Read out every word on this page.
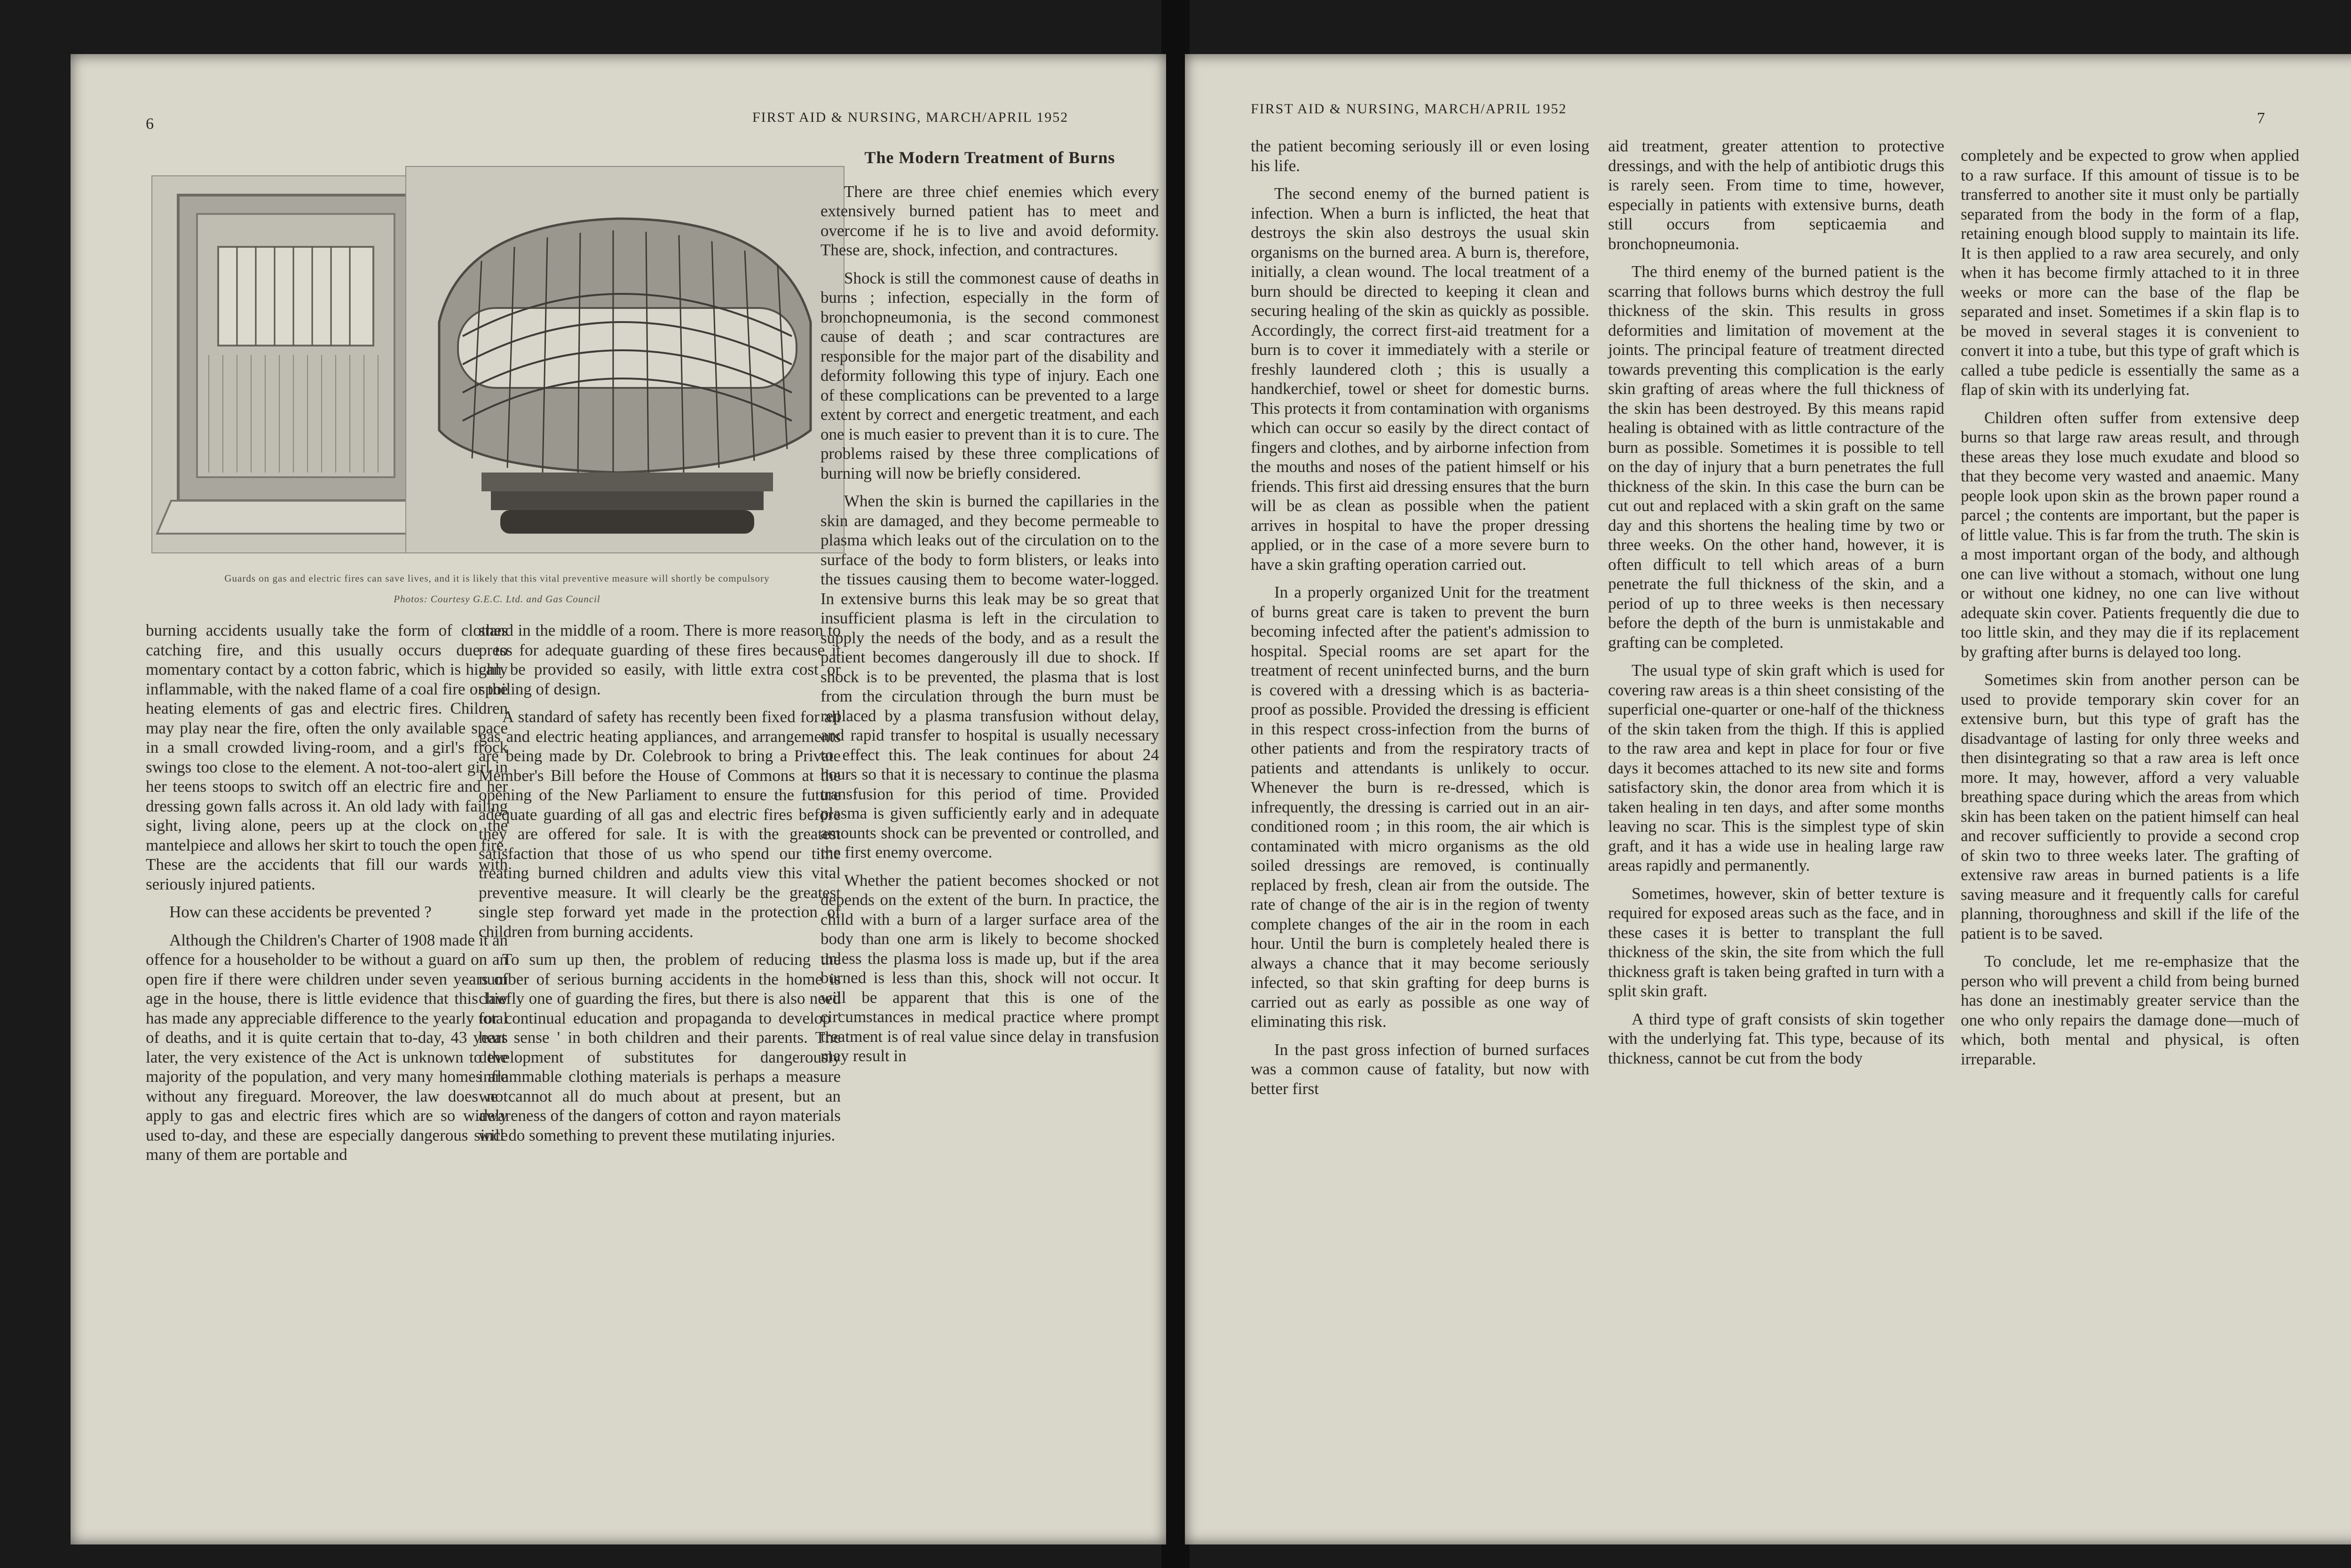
6	FIRST AID & NURSING, MARCH/APRIL 1952
Guards on gas and electric fires can save lives, and it is likely that this vital preventive measure will shortly be compulsory
Photos: Courtesy G.E.C. Ltd. and Gas Council

burning accidents usually take the form of clothes catching fire, and this usually occurs due to momentary contact by a cotton fabric, which is highly inflammable, with the naked flame of a coal fire or the heating elements of gas and electric fires. Children may play near the fire, often the only available space in a small crowded living-room, and a girl's frock swings too close to the element. A not-too-alert girl in her teens stoops to switch off an electric fire and her dressing gown falls across it. An old lady with failing sight, living alone, peers up at the clock on the mantelpiece and allows her skirt to touch the open fire. These are the accidents that fill our wards with seriously injured patients.

How can these accidents be prevented ?

Although the Children's Charter of 1908 made it an offence for a householder to be without a guard on an open fire if there were children under seven years of age in the house, there is little evidence that this law has made any appreciable difference to the yearly total of deaths, and it is quite certain that to-day, 43 years later, the very existence of the Act is unknown to the majority of the population, and very many homes are without any fireguard. Moreover, the law does not apply to gas and electric fires which are so widely used to-day, and these are especially dangerous since many of them are portable and

stand in the middle of a room. There is more reason to press for adequate guarding of these fires because it can be provided so easily, with little extra cost or spoiling of design.

A standard of safety has recently been fixed for all gas and electric heating appliances, and arrangements are being made by Dr. Colebrook to bring a Private Member's Bill before the House of Commons at the opening of the New Parliament to ensure the future adequate guarding of all gas and electric fires before they are offered for sale. It is with the greatest satisfaction that those of us who spend our time treating burned children and adults view this vital preventive measure. It will clearly be the greatest single step forward yet made in the protection of children from burning accidents.

To sum up then, the problem of reducing the number of serious burning accidents in the home is chiefly one of guarding the fires, but there is also need for continual education and propaganda to develop ' heat sense ' in both children and their parents. The development of substitutes for dangerously inflammable clothing materials is perhaps a measure we cannot all do much about at present, but an awareness of the dangers of cotton and rayon materials will do something to prevent these mutilating injuries.

The Modern Treatment of Burns

There are three chief enemies which every extensively burned patient has to meet and overcome if he is to live and avoid deformity. These are, shock, infection, and contractures.

Shock is still the commonest cause of deaths in burns ; infection, especially in the form of bronchopneumonia, is the second commonest cause of death ; and scar contractures are responsible for the major part of the disability and deformity following this type of injury. Each one of these complications can be prevented to a large extent by correct and energetic treatment, and each one is much easier to prevent than it is to cure. The problems raised by these three complications of burning will now be briefly considered.

When the skin is burned the capillaries in the skin are damaged, and they become permeable to plasma which leaks out of the circulation on to the surface of the body to form blisters, or leaks into the tissues causing them to become water-logged. In extensive burns this leak may be so great that insufficient plasma is left in the circulation to supply the needs of the body, and as a result the patient becomes dangerously ill due to shock. If shock is to be prevented, the plasma that is lost from the circulation through the burn must be replaced by a plasma transfusion without delay, and rapid transfer to hospital is usually necessary to effect this. The leak continues for about 24 hours so that it is necessary to continue the plasma transfusion for this period of time. Provided plasma is given sufficiently early and in adequate amounts shock can be prevented or controlled, and the first enemy overcome.

Whether the patient becomes shocked or not depends on the extent of the burn. In practice, the child with a burn of a larger surface area of the body than one arm is likely to become shocked unless the plasma loss is made up, but if the area burned is less than this, shock will not occur. It will be apparent that this is one of the circumstances in medical practice where prompt treatment is of real value since delay in transfusion may result in

FIRST AID & NURSING, MARCH/APRIL 1952
7

the patient becoming seriously ill or even losing his life.

The second enemy of the burned patient is infection. When a burn is inflicted, the heat that destroys the skin also destroys the usual skin organisms on the burned area. A burn is, therefore, initially, a clean wound. The local treatment of a burn should be directed to keeping it clean and securing healing of the skin as quickly as possible. Accordingly, the correct first-aid treatment for a burn is to cover it immediately with a sterile or freshly laundered cloth ; this is usually a handkerchief, towel or sheet for domestic burns. This protects it from contamination with organisms which can occur so easily by the direct contact of fingers and clothes, and by airborne infection from the mouths and noses of the patient himself or his friends. This first aid dressing ensures that the burn will be as clean as possible when the patient arrives in hospital to have the proper dressing applied, or in the case of a more severe burn to have a skin grafting operation carried out.

In a properly organized Unit for the treatment of burns great care is taken to prevent the burn becoming infected after the patient's admission to hospital. Special rooms are set apart for the treatment of recent uninfected burns, and the burn is covered with a dressing which is as bacteria-proof as possible. Provided the dressing is efficient in this respect cross-infection from the burns of other patients and from the respiratory tracts of patients and attendants is unlikely to occur. Whenever the burn is re-dressed, which is infrequently, the dressing is carried out in an air-conditioned room ; in this room, the air which is contaminated with micro organisms as the old soiled dressings are removed, is continually replaced by fresh, clean air from the outside. The rate of change of the air is in the region of twenty complete changes of the air in the room in each hour. Until the burn is completely healed there is always a chance that it may become seriously infected, so that skin grafting for deep burns is carried out as early as possible as one way of eliminating this risk.

In the past gross infection of burned surfaces was a common cause of fatality, but now with better first

aid treatment, greater attention to protective dressings, and with the help of antibiotic drugs this is rarely seen. From time to time, however, especially in patients with extensive burns, death still occurs from septicaemia and bronchopneumonia.

The third enemy of the burned patient is the scarring that follows burns which destroy the full thickness of the skin. This results in gross deformities and limitation of movement at the joints. The principal feature of treatment directed towards preventing this complication is the early skin grafting of areas where the full thickness of the skin has been destroyed. By this means rapid healing is obtained with as little contracture of the burn as possible. Sometimes it is possible to tell on the day of injury that a burn penetrates the full thickness of the skin. In this case the burn can be cut out and replaced with a skin graft on the same day and this shortens the healing time by two or three weeks. On the other hand, however, it is often difficult to tell which areas of a burn penetrate the full thickness of the skin, and a period of up to three weeks is then necessary before the depth of the burn is unmistakable and grafting can be completed.

The usual type of skin graft which is used for covering raw areas is a thin sheet consisting of the superficial one-quarter or one-half of the thickness of the skin taken from the thigh. If this is applied to the raw area and kept in place for four or five days it becomes attached to its new site and forms satisfactory skin, the donor area from which it is taken healing in ten days, and after some months leaving no scar. This is the simplest type of skin graft, and it has a wide use in healing large raw areas rapidly and permanently.

Sometimes, however, skin of better texture is required for exposed areas such as the face, and in these cases it is better to transplant the full thickness of the skin, the site from which the full thickness graft is taken being grafted in turn with a split skin graft.

A third type of graft consists of skin together with the underlying fat. This type, because of its thickness, cannot be cut from the body

completely and be expected to grow when applied to a raw surface. If this amount of tissue is to be transferred to another site it must only be partially separated from the body in the form of a flap, retaining enough blood supply to maintain its life. It is then applied to a raw area securely, and only when it has become firmly attached to it in three weeks or more can the base of the flap be separated and inset. Sometimes if a skin flap is to be moved in several stages it is convenient to convert it into a tube, but this type of graft which is called a tube pedicle is essentially the same as a flap of skin with its underlying fat.

Children often suffer from extensive deep burns so that large raw areas result, and through these areas they lose much exudate and blood so that they become very wasted and anaemic. Many people look upon skin as the brown paper round a parcel ; the contents are important, but the paper is of little value. This is far from the truth. The skin is a most important organ of the body, and although one can live without a stomach, without one lung or without one kidney, no one can live without adequate skin cover. Patients frequently die due to too little skin, and they may die if its replacement by grafting after burns is delayed too long.

Sometimes skin from another person can be used to provide temporary skin cover for an extensive burn, but this type of graft has the disadvantage of lasting for only three weeks and then disintegrating so that a raw area is left once more. It may, however, afford a very valuable breathing space during which the areas from which skin has been taken on the patient himself can heal and recover sufficiently to provide a second crop of skin two to three weeks later. The grafting of extensive raw areas in burned patients is a life saving measure and it frequently calls for careful planning, thoroughness and skill if the life of the patient is to be saved.

To conclude, let me re-emphasize that the person who will prevent a child from being burned has done an inestimably greater service than the one who only repairs the damage done—much of which, both mental and physical, is often irreparable.
